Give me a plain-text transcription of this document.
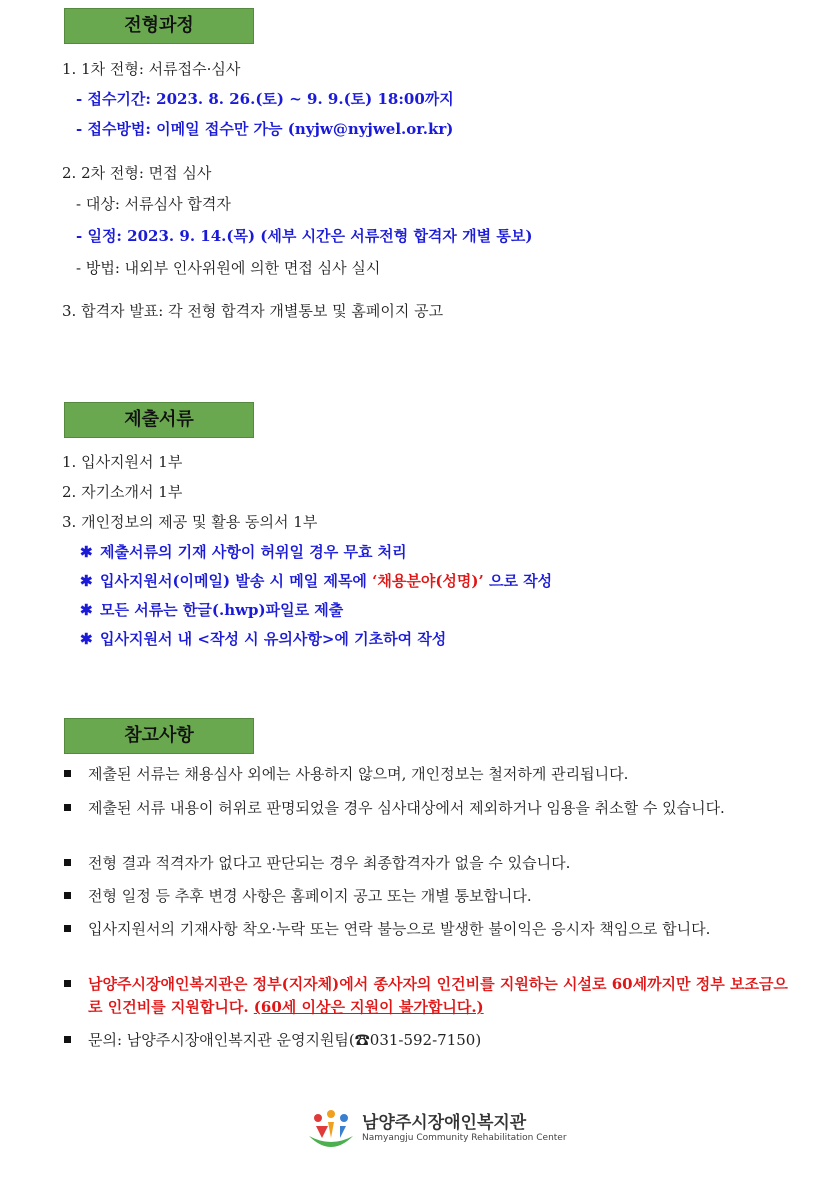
전형과정
1. 1차 전형: 서류접수·심사
- 접수기간: 2023. 8. 26.(토) ~ 9. 9.(토) 18:00까지
- 접수방법: 이메일 접수만 가능 (nyjw@nyjwel.or.kr)
2. 2차 전형: 면접 심사
- 대상: 서류심사 합격자
- 일정: 2023. 9. 14.(목) (세부 시간은 서류전형 합격자 개별 통보)
- 방법: 내외부 인사위원에 의한 면접 심사 실시
3. 합격자 발표: 각 전형 합격자 개별통보 및 홈페이지 공고
제출서류
1. 입사지원서 1부
2. 자기소개서 1부
3. 개인정보의 제공 및 활용 동의서 1부
✱ 제출서류의 기재 사항이 허위일 경우 무효 처리
✱ 입사지원서(이메일) 발송 시 메일 제목에 ‘채용분야(성명)’ 으로 작성
✱ 모든 서류는 한글(.hwp)파일로 제출
✱ 입사지원서 내 <작성 시 유의사항>에 기초하여 작성
참고사항
제출된 서류는 채용심사 외에는 사용하지 않으며, 개인정보는 철저하게 관리됩니다.
제출된 서류 내용이 허위로 판명되었을 경우 심사대상에서 제외하거나 임용을 취소할 수 있습니다.
전형 결과 적격자가 없다고 판단되는 경우 최종합격자가 없을 수 있습니다.
전형 일정 등 추후 변경 사항은 홈페이지 공고 또는 개별 통보합니다.
입사지원서의 기재사항 착오·누락 또는 연락 불능으로 발생한 불이익은 응시자 책임으로 합니다.
남양주시장애인복지관은 정부(지자체)에서 종사자의 인건비를 지원하는 시설로 60세까지만 정부 보조금으로 인건비를 지원합니다. (60세 이상은 지원이 불가합니다.)
문의: 남양주시장애인복지관 운영지원팀(☎031-592-7150)
남양주시장애인복지관
Namyangju Community Rehabilitation Center
